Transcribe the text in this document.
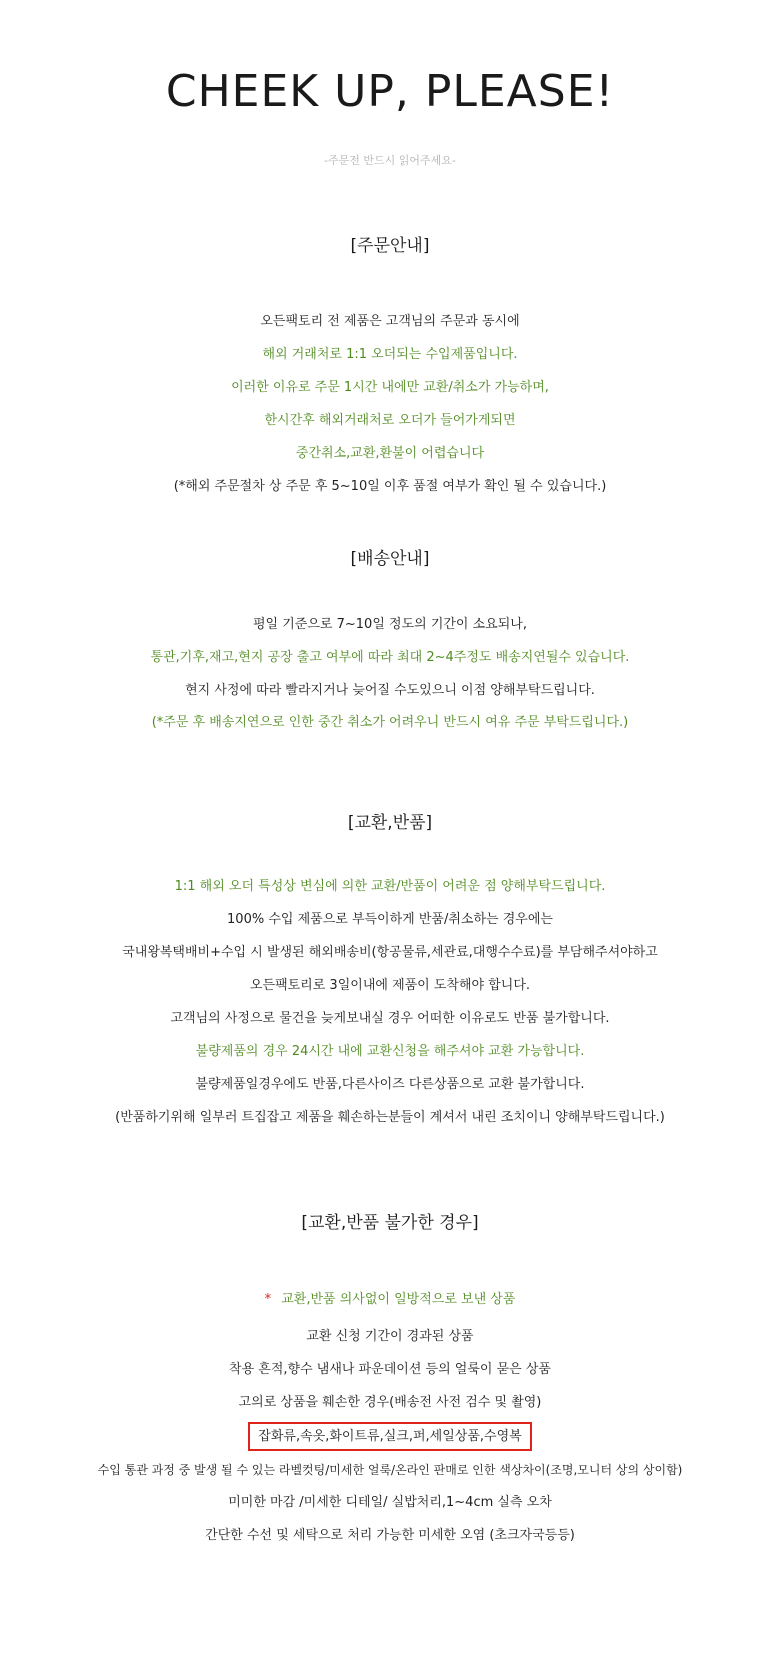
CHEEK UP, PLEASE!
-주문전 반드시 읽어주세요-
[주문안내]
오든팩토리 전 제품은 고객님의 주문과 동시에
해외 거래처로 1:1 오더되는 수입제품입니다.
이러한 이유로 주문 1시간 내에만 교환/취소가 가능하며,
한시간후 해외거래처로 오더가 들어가게되면
중간취소,교환,환불이 어렵습니다
(*해외 주문절차 상 주문 후 5~10일 이후 품절 여부가 확인 될 수 있습니다.)
[배송안내]
평일 기준으로 7~10일 정도의 기간이 소요되나,
통관,기후,재고,현지 공장 출고 여부에 따라 최대 2~4주정도 배송지연될수 있습니다.
현지 사정에 따라 빨라지거나 늦어질 수도있으니 이점 양해부탁드립니다.
(*주문 후 배송지연으로 인한 중간 취소가 어려우니 반드시 여유 주문 부탁드립니다.)
[교환,반품]
1:1 해외 오더 특성상 변심에 의한 교환/반품이 어려운 점 양해부탁드립니다.
100% 수입 제품으로 부득이하게 반품/취소하는 경우에는
국내왕복택배비+수입 시 발생된 해외배송비(항공물류,세관료,대행수수료)를 부담해주셔야하고
오든팩토리로 3일이내에 제품이 도착해야 합니다.
고객님의 사정으로 물건을 늦게보내실 경우 어떠한 이유로도 반품 불가합니다.
불량제품의 경우 24시간 내에 교환신청을 해주셔야 교환 가능합니다.
불량제품일경우에도 반품,다른사이즈 다른상품으로 교환 불가합니다.
(반품하기위해 일부러 트집잡고 제품을 훼손하는분들이 계셔서 내린 조치이니 양해부탁드립니다.)
[교환,반품 불가한 경우]
* 교환,반품 의사없이 일방적으로 보낸 상품
교환 신청 기간이 경과된 상품
착용 흔적,향수 냄새나 파운데이션 등의 얼룩이 묻은 상품
고의로 상품을 훼손한 경우(배송전 사전 검수 및 촬영)
잡화류,속옷,화이트류,실크,퍼,세일상품,수영복
수입 통관 과정 중 발생 될 수 있는 라벨컷팅/미세한 얼룩/온라인 판매로 인한 색상차이(조명,모니터 상의 상이함)
미미한 마감 /미세한 디테일/ 실밥처리,1~4cm 실측 오차
간단한 수선 및 세탁으로 처리 가능한 미세한 오염 (초크자국등등)
